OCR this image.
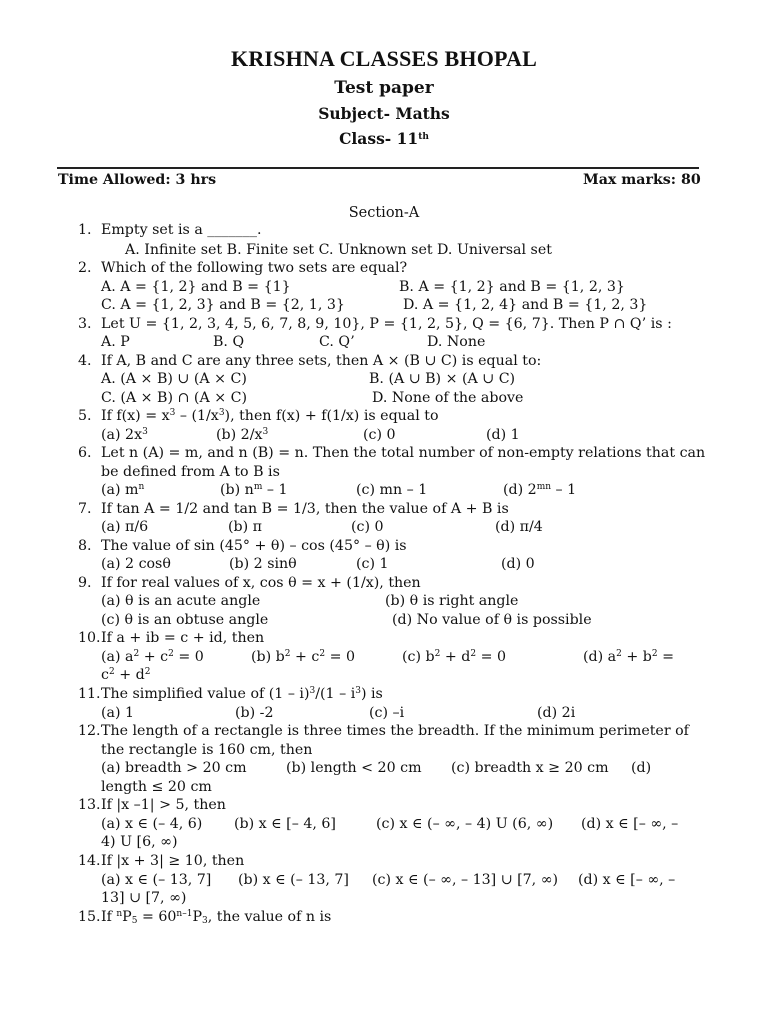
KRISHNA CLASSES BHOPAL
Test paper
Subject- Maths
Class- 11th
Time Allowed: 3 hrs	Max marks: 80
Section-A
1. Empty set is a _______.
A. Infinite set B. Finite set C. Unknown set D. Universal set
2. Which of the following two sets are equal?
A. A = {1, 2} and B = {1}	B. A = {1, 2} and B = {1, 2, 3}
C. A = {1, 2, 3} and B = {2, 1, 3}	D. A = {1, 2, 4} and B = {1, 2, 3}
3. Let U = {1, 2, 3, 4, 5, 6, 7, 8, 9, 10}, P = {1, 2, 5}, Q = {6, 7}. Then P ∩ Q’ is :
A. P	B. Q	C. Q’	D. None
4. If A, B and C are any three sets, then A × (B ∪ C) is equal to:
A. (A × B) ∪ (A × C)	B. (A ∪ B) × (A ∪ C)
C. (A × B) ∩ (A × C)	D. None of the above
5. If $f(x) = x^3 - (1/x^3)$, then f(x) + f(1/x) is equal to
(a) $2x^3$	(b) $2/x^3$	(c) 0	(d) 1
6. Let n (A) = m, and n (B) = n. Then the total number of non-empty relations that can
be defined from A to B is
(a) $m^n$	(b) $n^m - 1$	(c) mn – 1	(d) $2^{mn} - 1$
7. If tan A = 1/2 and tan B = 1/3, then the value of A + B is
(a) π/6	(b) π	(c) 0	(d) π/4
8. The value of sin (45° + θ) – cos (45° – θ) is
(a) 2 cosθ	(b) 2 sinθ	(c) 1	(d) 0
9. If for real values of x, cos θ = x + (1/x), then
(a) θ is an acute angle	(b) θ is right angle
(c) θ is an obtuse angle	(d) No value of θ is possible
10. If a + ib = c + id, then
(a) $a^2 + c^2 = 0$	(b) $b^2 + c^2 = 0$	(c) $b^2 + d^2 = 0$	(d) $a^2 + b^2$ =
$c^2 + d^2$
11. The simplified value of $(1 - i)^3/(1 - i^3)$ is
(a) 1	(b) -2	(c) –i	(d) 2i
12. The length of a rectangle is three times the breadth. If the minimum perimeter of
the rectangle is 160 cm, then
(a) breadth > 20 cm	(b) length < 20 cm (c) breadth x ≥ 20 cm (d)
length ≤ 20 cm
13. If |x –1| > 5, then
(a) x ∈ (– 4, 6) (b) x ∈ [– 4, 6]	(c) x ∈ (– ∞, – 4) U (6, ∞) (d) x ∈ [– ∞, –
4) U [6, ∞)
14. If |x + 3| ≥ 10, then
(a) x ∈ (– 13, 7] (b) x ∈ (– 13, 7] (c) x ∈ (– ∞, – 13] ∪ [7, ∞) (d) x ∈ [– ∞, –
13] ∪ [7, ∞)
15. If $^nP_5 = 60^{n-1}P_3$, the value of n is
